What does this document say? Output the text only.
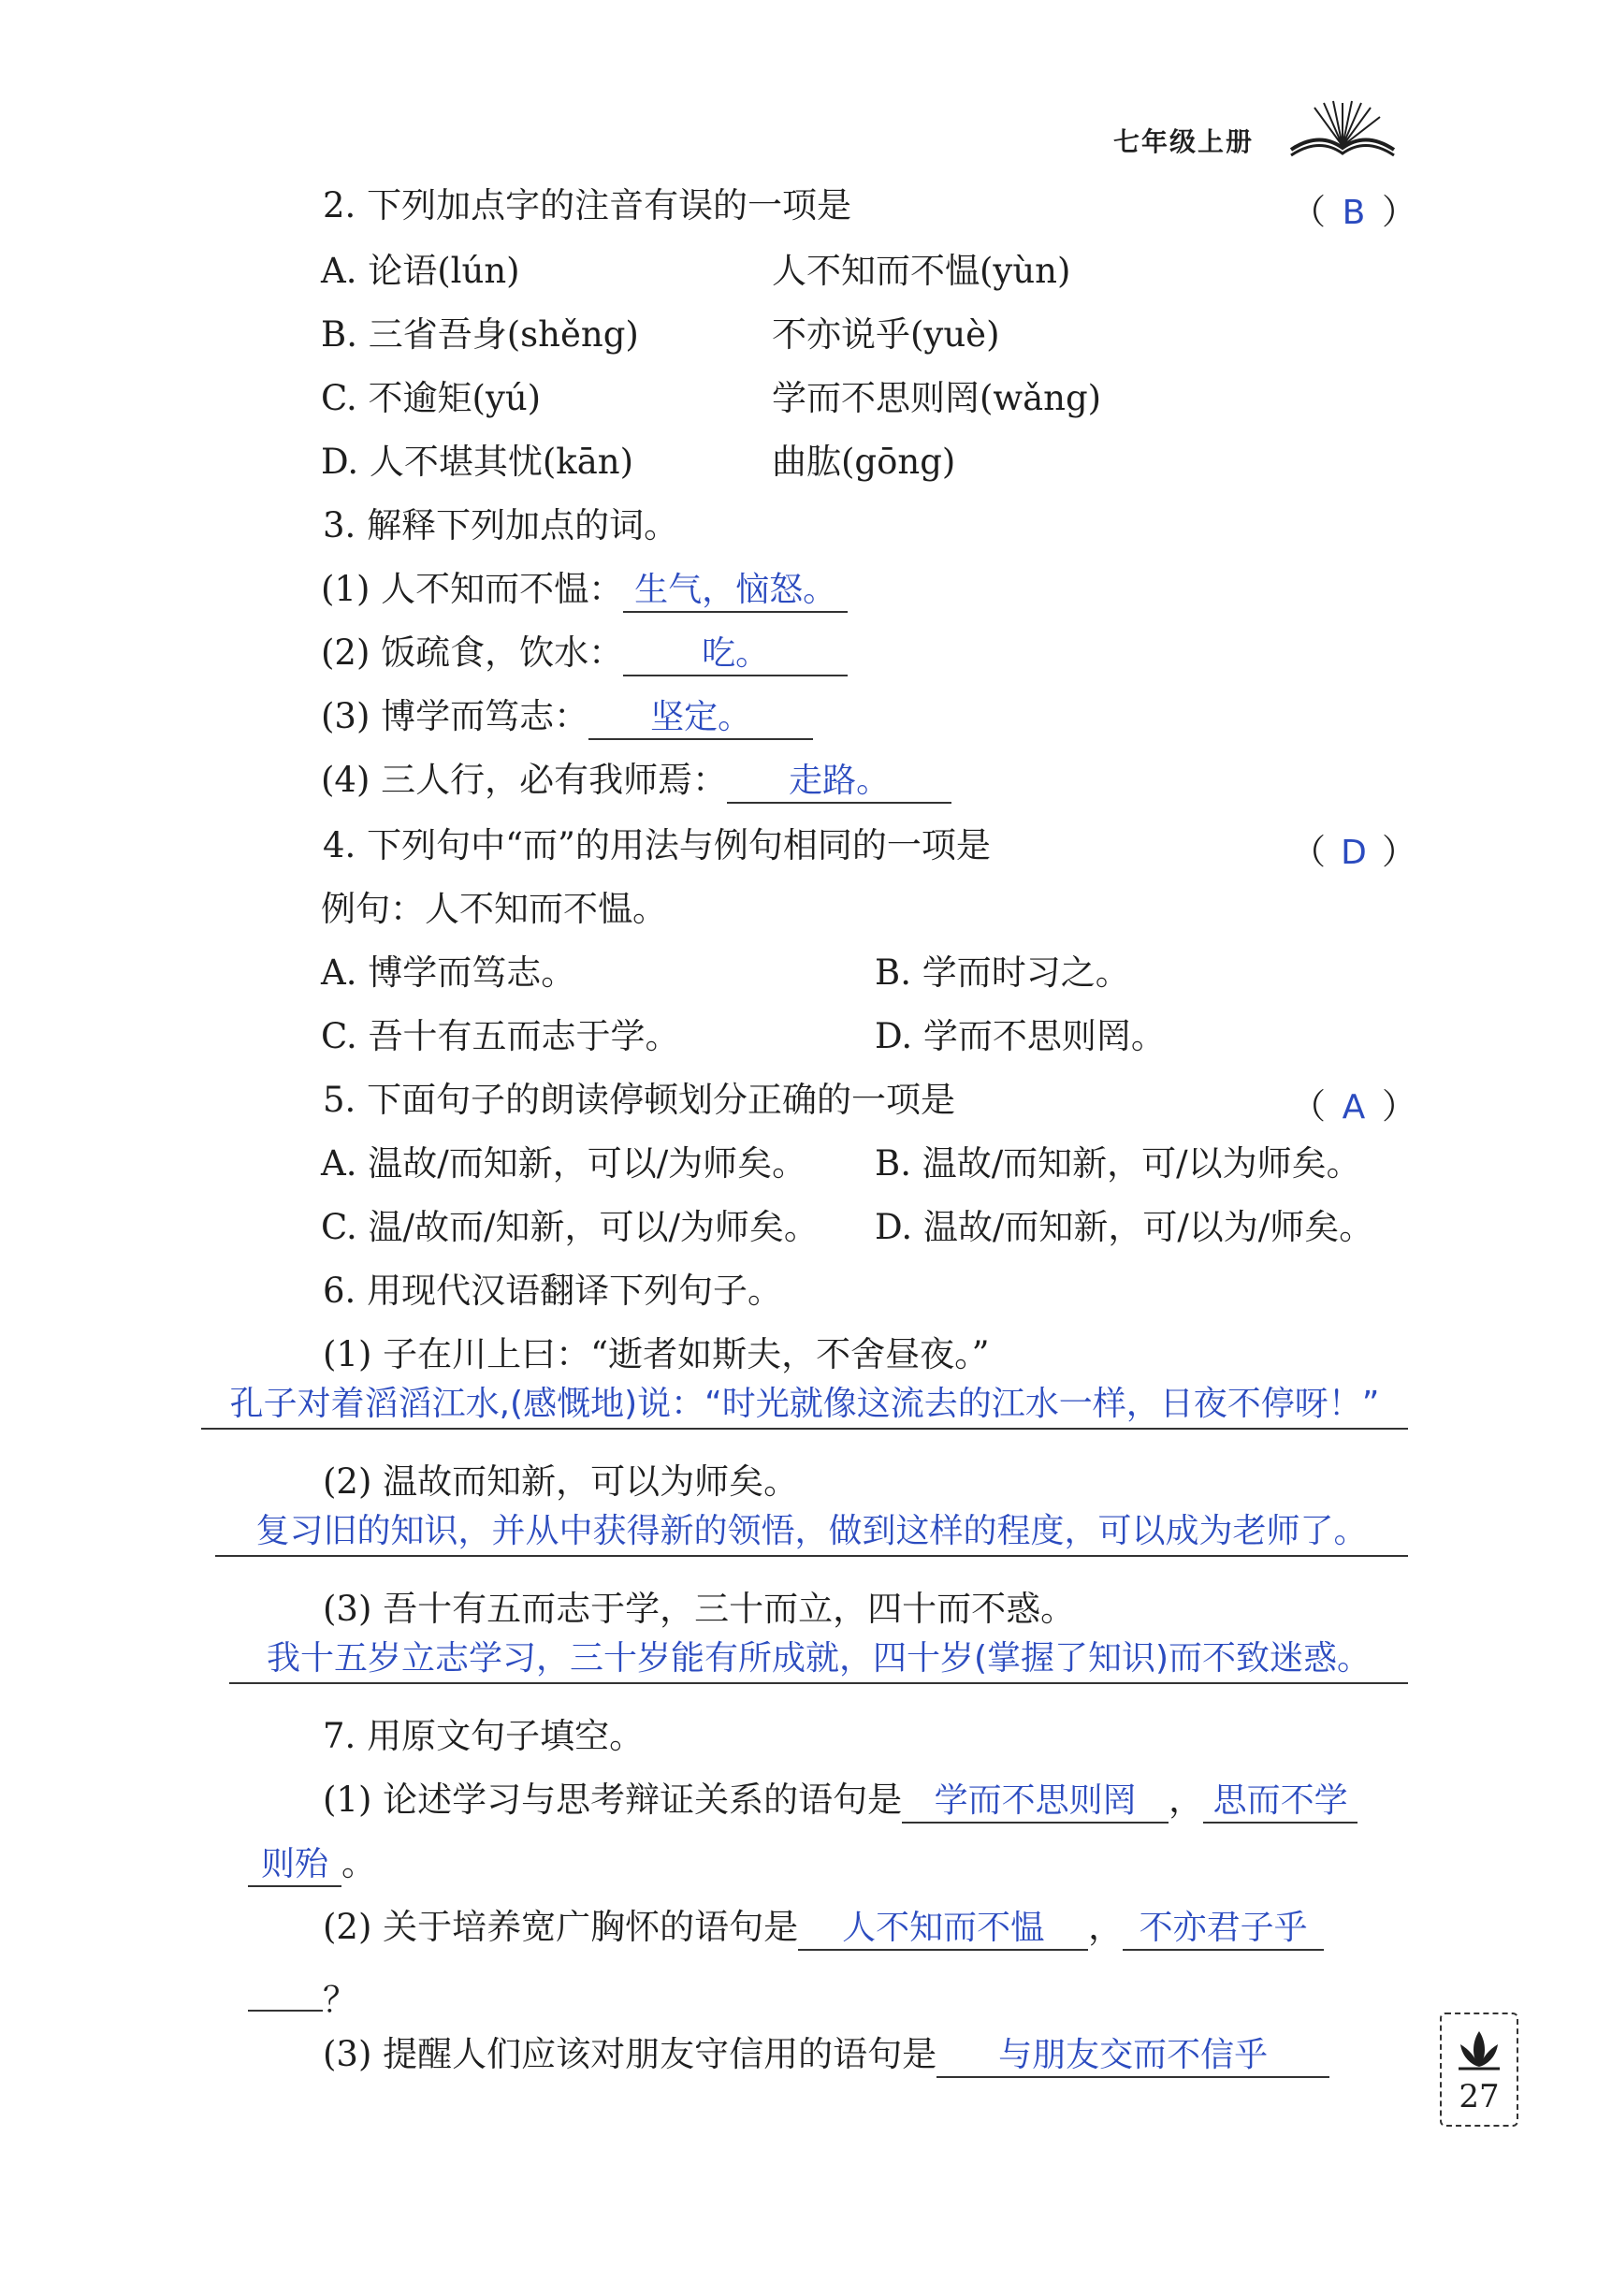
七年级上册
2. 下列加点字的注音有误的一项是	（ B ）
A. 论语(lún)	人不知而不愠(yùn)
B. 三省吾身(shěng)	不亦说乎(yuè)
C. 不逾矩(yú)	学而不思则罔(wǎng)
D. 人不堪其忧(kān)	曲肱(gōng)
3. 解释下列加点的词。
(1) 人不知而不愠： 生气，恼怒。
(2) 饭疏食，饮水： 吃。
(3) 博学而笃志： 坚定。
(4) 三人行，必有我师焉： 走路。
4. 下列句中“而”的用法与例句相同的一项是	（ D ）
例句：人不知而不愠。
A. 博学而笃志。	B. 学而时习之。
C. 吾十有五而志于学。	D. 学而不思则罔。
5. 下面句子的朗读停顿划分正确的一项是	（ A ）
A. 温故/而知新，可以/为师矣。 B. 温故/而知新，可/以为师矣。
C. 温/故而/知新，可以/为师矣。 D. 温故/而知新，可/以为/师矣。
6. 用现代汉语翻译下列句子。
(1) 子在川上曰：“逝者如斯夫，不舍昼夜。”
孔子对着滔滔江水,(感慨地)说：“时光就像这流去的江水一样，日夜不停呀！”
(2) 温故而知新，可以为师矣。
复习旧的知识，并从中获得新的领悟，做到这样的程度，可以成为老师了。
(3) 吾十有五而志于学，三十而立，四十而不惑。
我十五岁立志学习，三十岁能有所成就，四十岁(掌握了知识)而不致迷惑。
7. 用原文句子填空。
(1) 论述学习与思考辩证关系的语句是 学而不思则罔 ， 思而不学
则殆 。
(2) 关于培养宽广胸怀的语句是 人不知而不愠 ， 不亦君子乎
？
(3) 提醒人们应该对朋友守信用的语句是 与朋友交而不信乎
27
